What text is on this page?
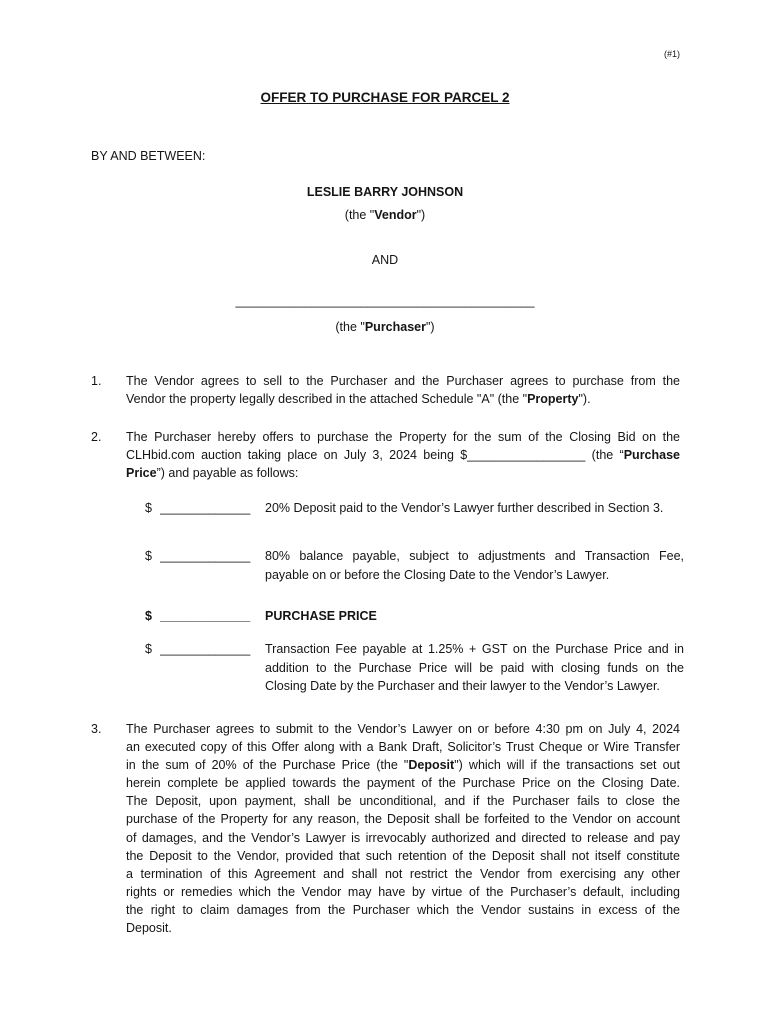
(#1)
OFFER TO PURCHASE FOR PARCEL 2
BY AND BETWEEN:
LESLIE BARRY JOHNSON
(the "Vendor")
AND
___________________________________________
(the "Purchaser")
1. The Vendor agrees to sell to the Purchaser and the Purchaser agrees to purchase from the
Vendor the property legally described in the attached Schedule "A" (the "Property").
2. The Purchaser hereby offers to purchase the Property for the sum of the Closing Bid on the
CLHbid.com auction taking place on July 3, 2024 being $_________________ (the “Purchase
Price”) and payable as follows:
$ _____________ 20% Deposit paid to the Vendor’s Lawyer further described in Section 3.
$ _____________ 80% balance payable, subject to adjustments and Transaction Fee,
payable on or before the Closing Date to the Vendor’s Lawyer.
$ _____________ PURCHASE PRICE
$ _____________ Transaction Fee payable at 1.25% + GST on the Purchase Price and in
addition to the Purchase Price will be paid with closing funds on the
Closing Date by the Purchaser and their lawyer to the Vendor’s Lawyer.
3. The Purchaser agrees to submit to the Vendor’s Lawyer on or before 4:30 pm on July 4, 2024
an executed copy of this Offer along with a Bank Draft, Solicitor’s Trust Cheque or Wire Transfer
in the sum of 20% of the Purchase Price (the "Deposit") which will if the transactions set out
herein complete be applied towards the payment of the Purchase Price on the Closing Date.
The Deposit, upon payment, shall be unconditional, and if the Purchaser fails to close the
purchase of the Property for any reason, the Deposit shall be forfeited to the Vendor on account
of damages, and the Vendor’s Lawyer is irrevocably authorized and directed to release and pay
the Deposit to the Vendor, provided that such retention of the Deposit shall not itself constitute
a termination of this Agreement and shall not restrict the Vendor from exercising any other
rights or remedies which the Vendor may have by virtue of the Purchaser’s default, including
the right to claim damages from the Purchaser which the Vendor sustains in excess of the
Deposit.
